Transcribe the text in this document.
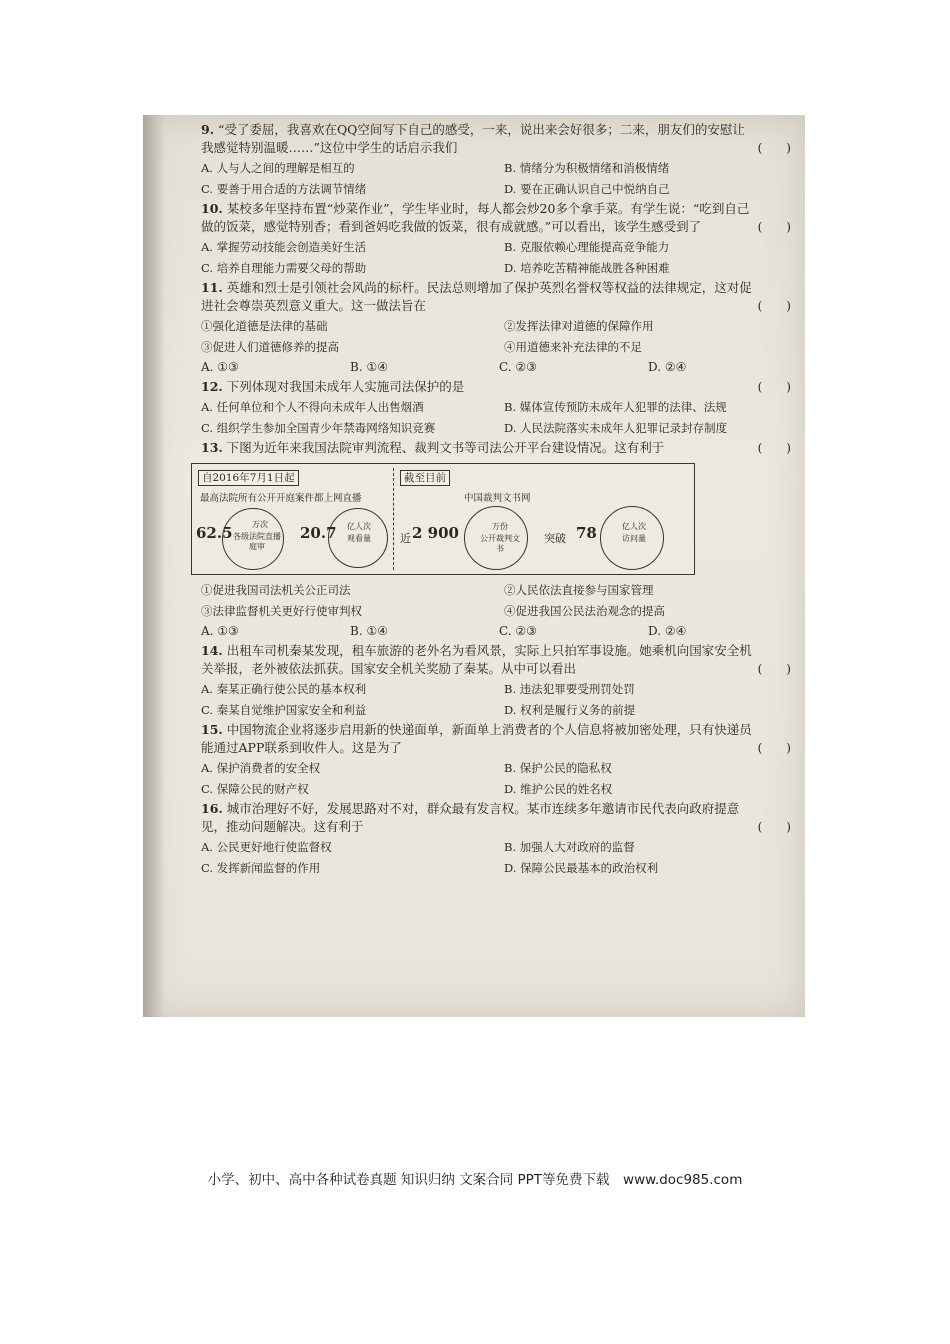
9. “受了委屈，我喜欢在QQ空间写下自己的感受，一来，说出来会好很多；二来，朋友们的安慰让我感觉特别温暖……”这位中学生的话启示我们	(　　)
A. 人与人之间的理解是相互的	B. 情绪分为积极情绪和消极情绪
C. 要善于用合适的方法调节情绪	D. 要在正确认识自己中悦纳自己
10. 某校多年坚持布置“炒菜作业”，学生毕业时，每人都会炒20多个拿手菜。有学生说：“吃到自己做的饭菜，感觉特别香；看到爸妈吃我做的饭菜，很有成就感。”可以看出，该学生感受到了	(　　)
A. 掌握劳动技能会创造美好生活	B. 克服依赖心理能提高竞争能力
C. 培养自理能力需要父母的帮助	D. 培养吃苦精神能战胜各种困难
11. 英雄和烈士是引领社会风尚的标杆。民法总则增加了保护英烈名誉权等权益的法律规定，这对促进社会尊崇英烈意义重大。这一做法旨在	(　　)
①强化道德是法律的基础	②发挥法律对道德的保障作用
③促进人们道德修养的提高	④用道德来补充法律的不足
A. ①③	B. ①④	C. ②③	D. ②④
12. 下列体现对我国未成年人实施司法保护的是	(　　)
A. 任何单位和个人不得向未成年人出售烟酒	B. 媒体宣传预防未成年人犯罪的法律、法规
C. 组织学生参加全国青少年禁毒网络知识竞赛	D. 人民法院落实未成年人犯罪记录封存制度
13. 下图为近年来我国法院审判流程、裁判文书等司法公开平台建设情况。这有利于	(　　)
自2016年7月1日起
最高法院所有公开开庭案件都上网直播
62.5	万次
各级法院直播庭审
20.7	亿人次
观看量
截至目前
中国裁判文书网
近 2 900	万份
公开裁判文书
突破 78	亿人次
访问量
①促进我国司法机关公正司法	②人民依法直接参与国家管理
③法律监督机关更好行使审判权	④促进我国公民法治观念的提高
A. ①③	B. ①④	C. ②③	D. ②④
14. 出租车司机秦某发现，租车旅游的老外名为看风景，实际上只拍军事设施。她乘机向国家安全机关举报，老外被依法抓获。国家安全机关奖励了秦某。从中可以看出	(　　)
A. 秦某正确行使公民的基本权利	B. 违法犯罪要受刑罚处罚
C. 秦某自觉维护国家安全和利益	D. 权利是履行义务的前提
15. 中国物流企业将逐步启用新的快递面单，新面单上消费者的个人信息将被加密处理，只有快递员能通过APP联系到收件人。这是为了	(　　)
A. 保护消费者的安全权	B. 保护公民的隐私权
C. 保障公民的财产权	D. 维护公民的姓名权
16. 城市治理好不好，发展思路对不对，群众最有发言权。某市连续多年邀请市民代表向政府提意见，推动问题解决。这有利于	(　　)
A. 公民更好地行使监督权	B. 加强人大对政府的监督
C. 发挥新闻监督的作用	D. 保障公民最基本的政治权利
小学、初中、高中各种试卷真题 知识归纳 文案合同 PPT等免费下载　www.doc985.com
